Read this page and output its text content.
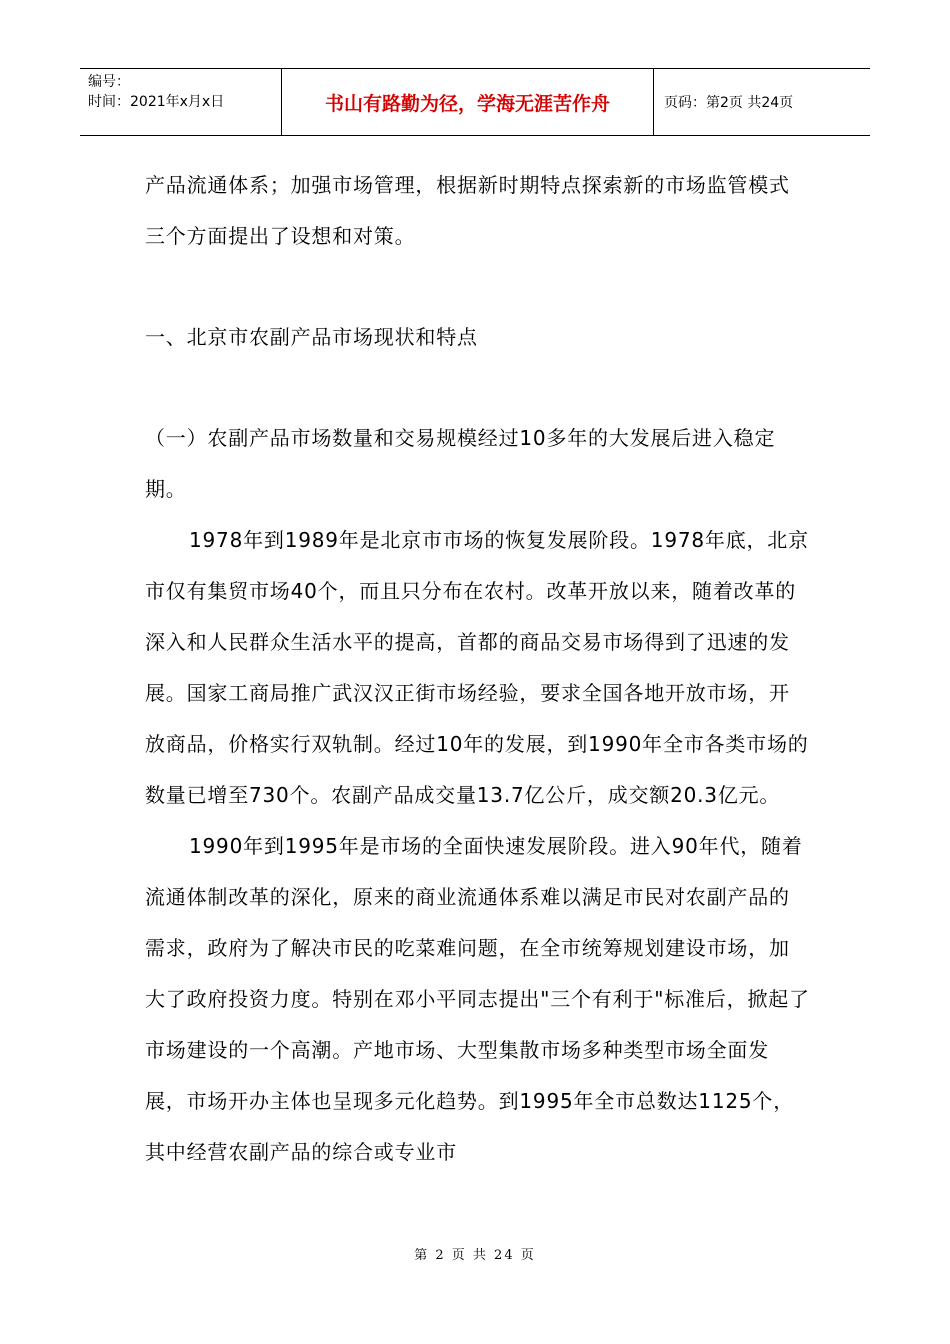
编号：
时间：2021年x月x日	书山有路勤为径，学海无涯苦作舟	页码：第2页 共24页

产品流通体系；加强市场管理，根据新时期特点探索新的市场监管模式三个方面提出了设想和对策。

一、北京市农副产品市场现状和特点

（一）农副产品市场数量和交易规模经过10多年的大发展后进入稳定期。

1978年到1989年是北京市市场的恢复发展阶段。1978年底，北京市仅有集贸市场40个，而且只分布在农村。改革开放以来，随着改革的深入和人民群众生活水平的提高，首都的商品交易市场得到了迅速的发展。国家工商局推广武汉汉正街市场经验，要求全国各地开放市场，开放商品，价格实行双轨制。经过10年的发展，到1990年全市各类市场的数量已增至730个。农副产品成交量13.7亿公斤，成交额20.3亿元。

1990年到1995年是市场的全面快速发展阶段。进入90年代，随着流通体制改革的深化，原来的商业流通体系难以满足市民对农副产品的需求，政府为了解决市民的吃菜难问题，在全市统筹规划建设市场，加大了政府投资力度。特别在邓小平同志提出"三个有利于"标准后，掀起了市场建设的一个高潮。产地市场、大型集散市场多种类型市场全面发展，市场开办主体也呈现多元化趋势。到1995年全市总数达1125个，其中经营农副产品的综合或专业市

第 2 页 共 24 页
